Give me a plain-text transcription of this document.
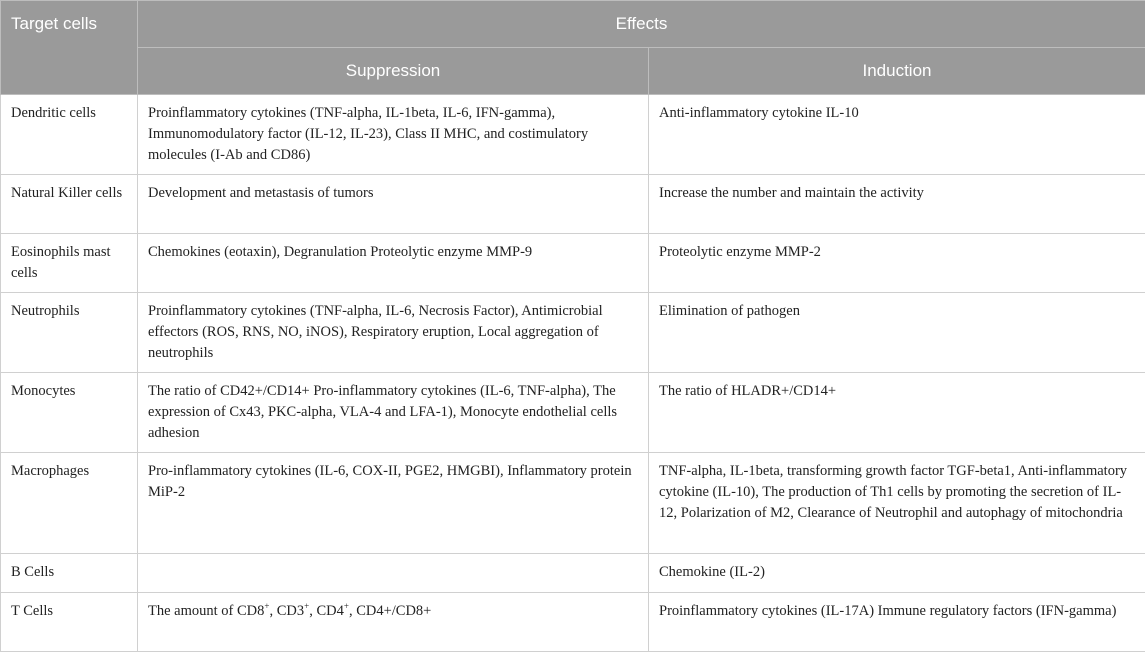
Target cells	Effects	
	Suppression	Induction
Dendritic cells	Proinflammatory cytokines (TNF-alpha, IL-1beta, IL-6, IFN-gamma), Immunomodulatory factor (IL-12, IL-23), Class II MHC, and costimulatory molecules (I-Ab and CD86)	Anti-inflammatory cytokine IL-10
Natural Killer cells	Development and metastasis of tumors	Increase the number and maintain the activity
Eosinophils mast cells	Chemokines (eotaxin), Degranulation Proteolytic enzyme MMP-9	Proteolytic enzyme MMP-2
Neutrophils	Proinflammatory cytokines (TNF-alpha, IL-6, Necrosis Factor), Antimicrobial effectors (ROS, RNS, NO, iNOS), Respiratory eruption, Local aggregation of neutrophils	Elimination of pathogen
Monocytes	The ratio of CD42+/CD14+ Pro-inflammatory cytokines (IL-6, TNF-alpha), The expression of Cx43, PKC-alpha, VLA-4 and LFA-1), Monocyte endothelial cells adhesion	The ratio of HLADR+/CD14+
Macrophages	Pro-inflammatory cytokines (IL-6, COX-II, PGE2, HMGBI), Inflammatory protein MiP-2	TNF-alpha, IL-1beta, transforming growth factor TGF-beta1, Anti-inflammatory cytokine (IL-10), The production of Th1 cells by promoting the secretion of IL-12, Polarization of M2, Clearance of Neutrophil and autophagy of mitochondria
B Cells		Chemokine (IL-2)
T Cells	The amount of CD8+, CD3+, CD4+, CD4+/CD8+	Proinflammatory cytokines (IL-17A) Immune regulatory factors (IFN-gamma)
